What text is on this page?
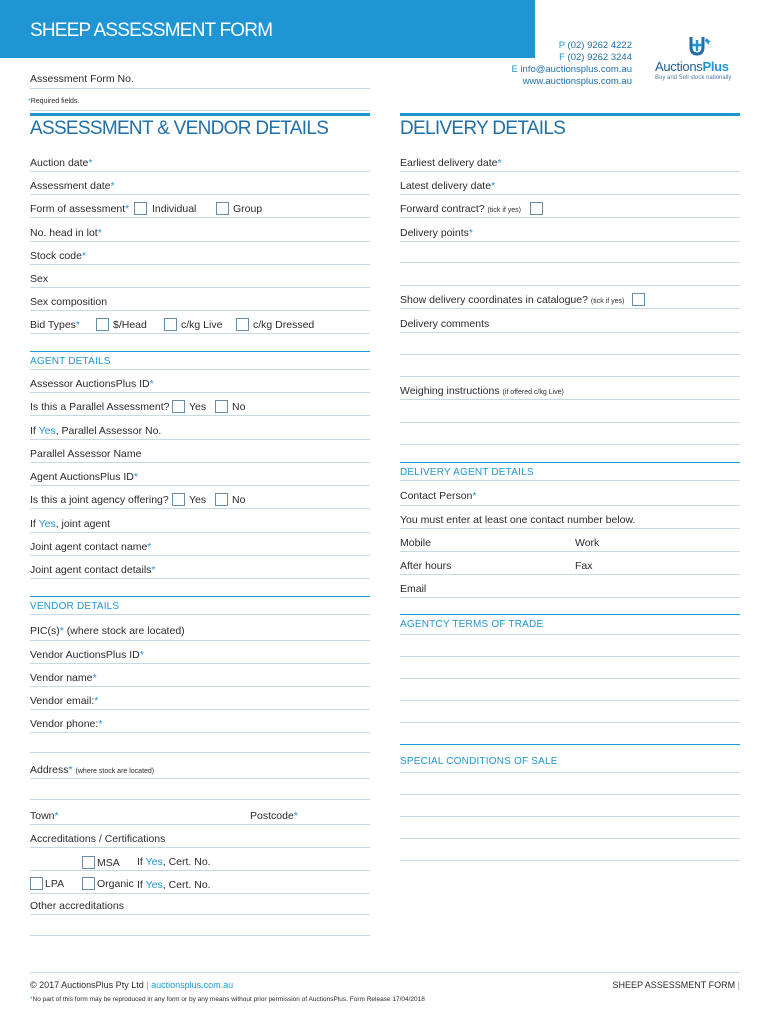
SHEEP ASSESSMENT FORM
P (02) 9262 4222
F (02) 9262 3244
E info@auctionsplus.com.au
www.auctionsplus.com.au
AuctionsPlus
Buy and Sell stock nationally
Assessment Form No.
*Required fields.
ASSESSMENT & VENDOR DETAILS
Auction date*
Assessment date*
Form of assessment* Individual	Group
No. head in lot*
Stock code*
Sex
Sex composition
Bid Types*	$/Head	c/kg Live	c/kg Dressed
AGENT DETAILS
Assessor AuctionsPlus ID*
Is this a Parallel Assessment? Yes No
If Yes, Parallel Assessor No.
Parallel Assessor Name
Agent AuctionsPlus ID*
Is this a joint agency offering? Yes No
If Yes, joint agent
Joint agent contact name*
Joint agent contact details*
VENDOR DETAILS
PIC(s)* (where stock are located)
Vendor AuctionsPlus ID*
Vendor name*
Vendor email:*
Vendor phone:*
Address* (where stock are located)
Town*	Postcode*
Accreditations / Certifications
MSA If Yes, Cert. No.
LPA	Organic If Yes, Cert. No.
Other accreditations
DELIVERY DETAILS
Earliest delivery date*
Latest delivery date*
Forward contract? (tick if yes)
Delivery points*
Show delivery coordinates in catalogue? (tick if yes)
Delivery comments
Weighing instructions (if offered c/kg Live)
DELIVERY AGENT DETAILS
Contact Person*
You must enter at least one contact number below.
Mobile	Work
After hours	Fax
Email
AGENTCY TERMS OF TRADE
SPECIAL CONDITIONS OF SALE
© 2017 AuctionsPlus Pty Ltd | auctionsplus.com.au	SHEEP ASSESSMENT FORM |
*No part of this form may be reproduced in any form or by any means without prior permission of AuctionsPlus. Form Release 17/04/2018
